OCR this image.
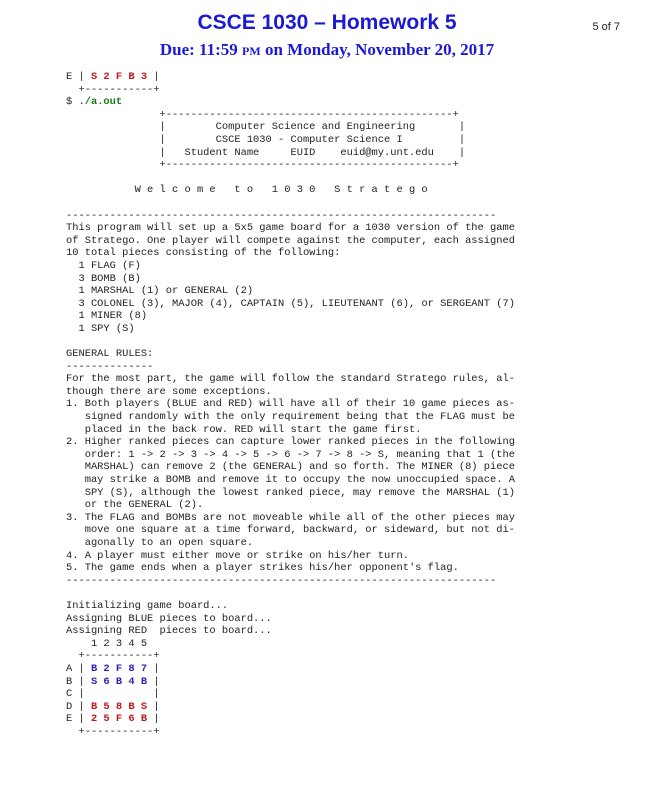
CSCE 1030 – Homework 5	5 of 7
Due: 11:59 PM on Monday, November 20, 2017
E | S 2 F B 3 |
+-----------+
$ ./a.out
+----------------------------------------------+
|        Computer Science and Engineering       |
|        CSCE 1030 - Computer Science I         |
|   Student Name     EUID    euid@my.unt.edu    |
+----------------------------------------------+

W e l c o m e   t o   1 0 3 0   S t r a t e g o

---------------------------------------------------------------------
This program will set up a 5x5 game board for a 1030 version of the game
of Stratego. One player will compete against the computer, each assigned
10 total pieces consisting of the following:
1 FLAG (F)
3 BOMB (B)
1 MARSHAL (1) or GENERAL (2)
3 COLONEL (3), MAJOR (4), CAPTAIN (5), LIEUTENANT (6), or SERGEANT (7)
1 MINER (8)
1 SPY (S)

GENERAL RULES:
--------------
For the most part, the game will follow the standard Stratego rules, al-
though there are some exceptions.
1. Both players (BLUE and RED) will have all of their 10 game pieces as-
signed randomly with the only requirement being that the FLAG must be
placed in the back row. RED will start the game first.
2. Higher ranked pieces can capture lower ranked pieces in the following
order: 1 -> 2 -> 3 -> 4 -> 5 -> 6 -> 7 -> 8 -> S, meaning that 1 (the
MARSHAL) can remove 2 (the GENERAL) and so forth. The MINER (8) piece
may strike a BOMB and remove it to occupy the now unoccupied space. A
SPY (S), although the lowest ranked piece, may remove the MARSHAL (1)
or the GENERAL (2).
3. The FLAG and BOMBs are not moveable while all of the other pieces may
move one square at a time forward, backward, or sideward, but not di-
agonally to an open square.
4. A player must either move or strike on his/her turn.
5. The game ends when a player strikes his/her opponent's flag.
---------------------------------------------------------------------

Initializing game board...
Assigning BLUE pieces to board...
Assigning RED  pieces to board...
1 2 3 4 5
+-----------+
A | B 2 F 8 7 |
B | S 6 B 4 B |
C |	|
D | B 5 8 B S |
E | 2 5 F 6 B |
+-----------+
